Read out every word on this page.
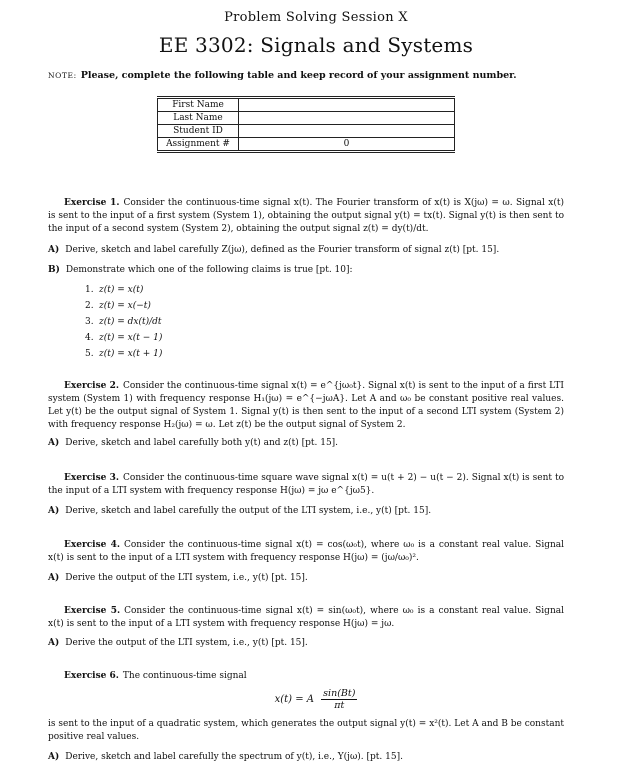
Problem Solving Session X
EE 3302: Signals and Systems
NOTE: Please, complete the following table and keep record of your assignment number.
First Name	
Last Name	
Student ID	
Assignment #	0
Exercise 1. Consider the continuous-time signal x(t). The Fourier transform of x(t) is X(jω) = ω. Signal x(t) is sent to the input of a first system (System 1), obtaining the output signal y(t) = tx(t). Signal y(t) is then sent to the input of a second system (System 2), obtaining the output signal z(t) = dy(t)/dt.
A) Derive, sketch and label carefully Z(jω), defined as the Fourier transform of signal z(t) [pt. 15].
B) Demonstrate which one of the following claims is true [pt. 10]:
1. z(t) = x(t)
2. z(t) = x(−t)
3. z(t) = dx(t)/dt
4. z(t) = x(t − 1)
5. z(t) = x(t + 1)
Exercise 2. Consider the continuous-time signal x(t) = e^{jω₀t}. Signal x(t) is sent to the input of a first LTI system (System 1) with frequency response H₁(jω) = e^{−jωA}. Let A and ω₀ be constant positive real values. Let y(t) be the output signal of System 1. Signal y(t) is then sent to the input of a second LTI system (System 2) with frequency response H₂(jω) = ω. Let z(t) be the output signal of System 2.
A) Derive, sketch and label carefully both y(t) and z(t) [pt. 15].
Exercise 3. Consider the continuous-time square wave signal x(t) = u(t + 2) − u(t − 2). Signal x(t) is sent to the input of a LTI system with frequency response H(jω) = jω e^{jω5}.
A) Derive, sketch and label carefully the output of the LTI system, i.e., y(t) [pt. 15].
Exercise 4. Consider the continuous-time signal x(t) = cos(ω₀t), where ω₀ is a constant real value. Signal x(t) is sent to the input of a LTI system with frequency response H(jω) = (jω/ω₀)².
A) Derive the output of the LTI system, i.e., y(t) [pt. 15].
Exercise 5. Consider the continuous-time signal x(t) = sin(ω₀t), where ω₀ is a constant real value. Signal x(t) is sent to the input of a LTI system with frequency response H(jω) = jω.
A) Derive the output of the LTI system, i.e., y(t) [pt. 15].
Exercise 6. The continuous-time signal
x(t) = A $\frac{\sin(Bt)}{\pi t}$
is sent to the input of a quadratic system, which generates the output signal y(t) = x²(t). Let A and B be constant positive real values.
A) Derive, sketch and label carefully the spectrum of y(t), i.e., Y(jω). [pt. 15].
